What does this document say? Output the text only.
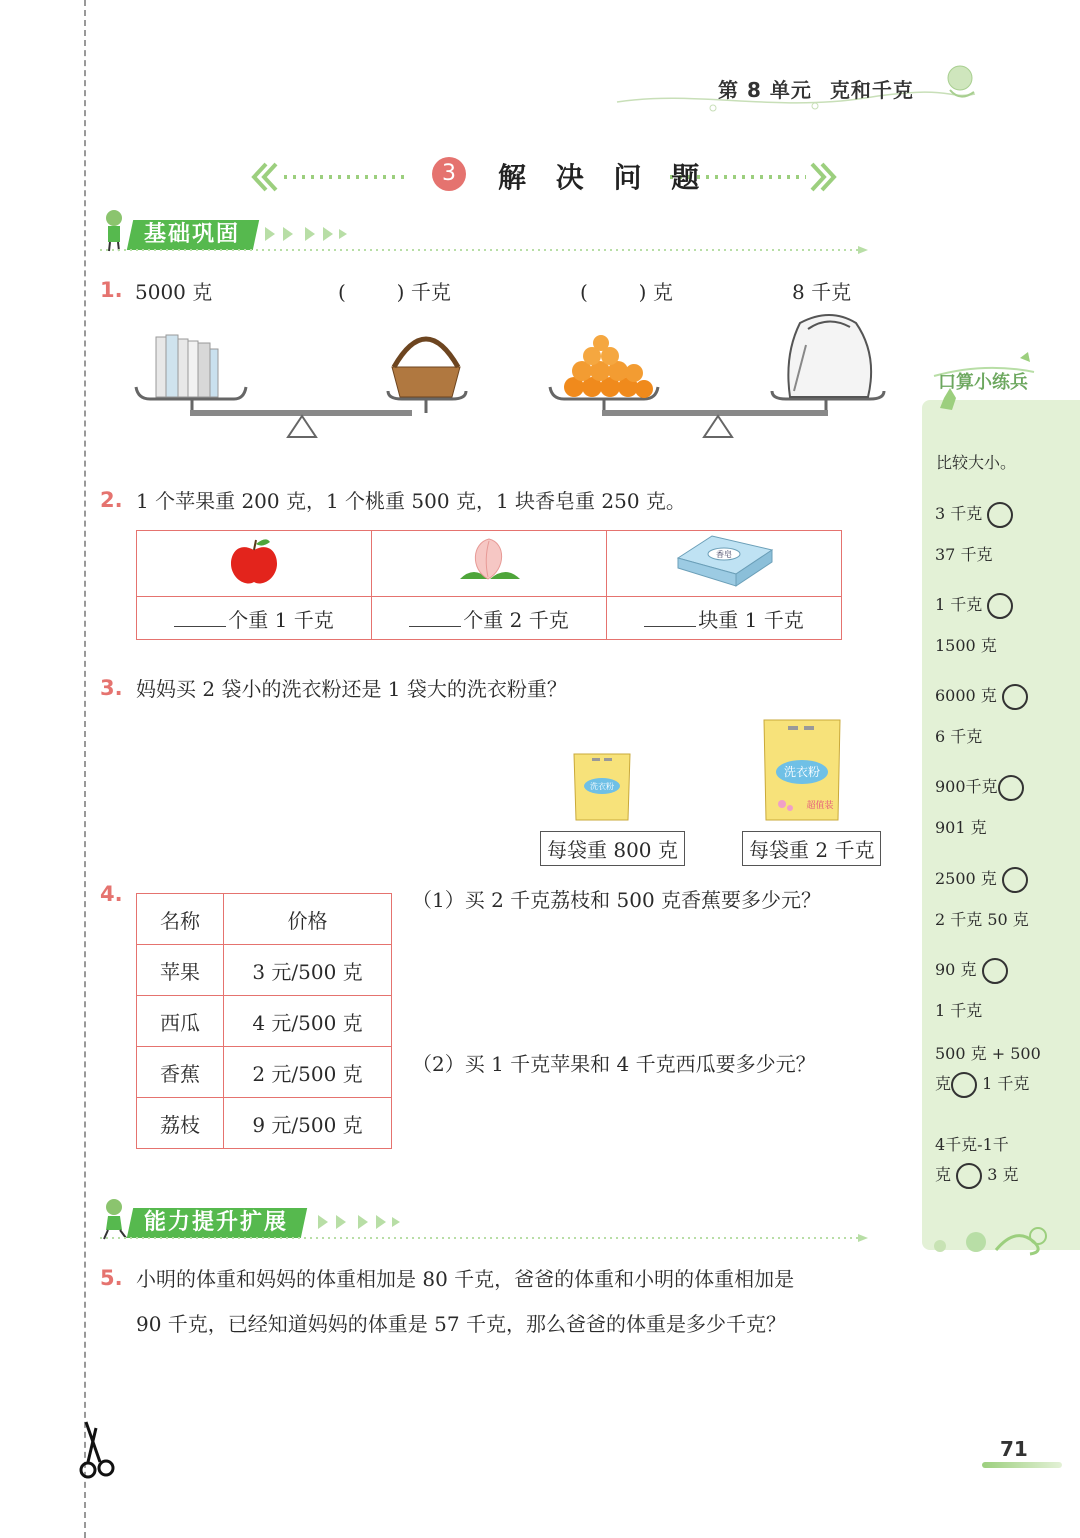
第 8 单元 克和千克
3	解 决 问 题
基础巩固
1. 5000 克	(        ) 千克	(        ) 克	8 千克
2. 1 个苹果重 200 克，1 个桃重 500 克，1 块香皂重 250 克。

香皂

个重 1 千克	个重 2 千克	块重 1 千克
3. 妈妈买 2 袋小的洗衣粉还是 1 袋大的洗衣粉重？
洗衣粉
洗衣粉
超值装
每袋重 800 克	每袋重 2 千克
4.
名称	价格
苹果	3 元/500 克
西瓜	4 元/500 克
香蕉	2 元/500 克
荔枝	9 元/500 克
（1）买 2 千克荔枝和 500 克香蕉要多少元？
（2）买 1 千克苹果和 4 千克西瓜要多少元？
能力提升扩展
5. 小明的体重和妈妈的体重相加是 80 千克，爸爸的体重和小明的体重相加是
90 千克，已经知道妈妈的体重是 57 千克，那么爸爸的体重是多少千克？
口算小练兵
比较大小。
3 千克
37 千克
1 千克
1500 克
6000 克
6 千克
900千克
901 克
2500 克
2 千克 50 克
90 克
1 千克
500 克 + 500
克 1 千克
4千克-1千
克 3 克
71
